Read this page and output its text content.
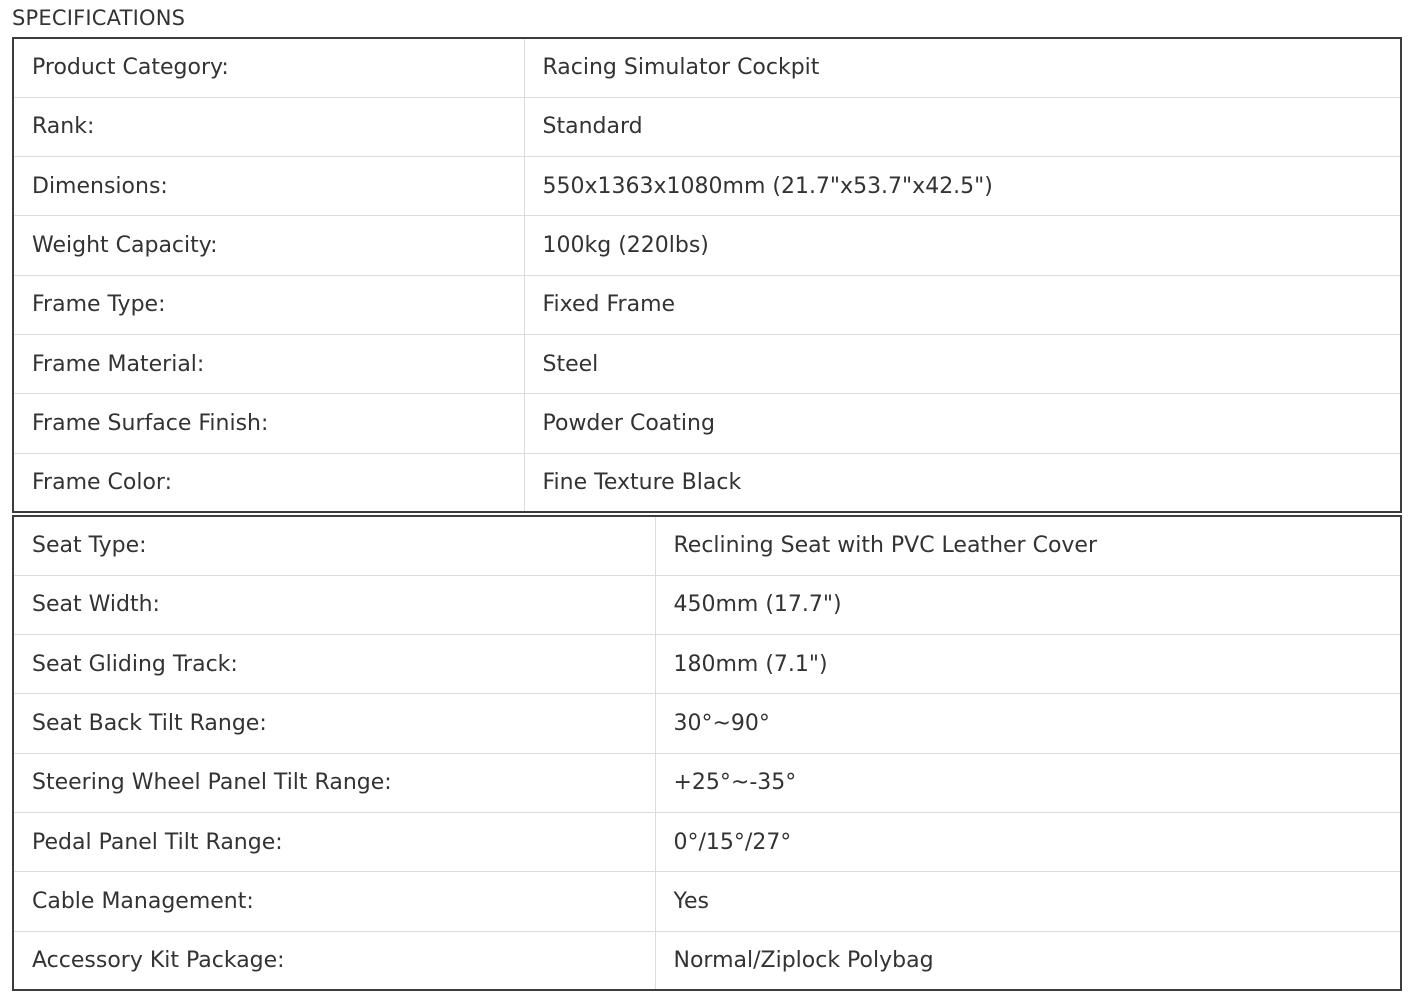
SPECIFICATIONS
Product Category:	Racing Simulator Cockpit
Rank:	Standard
Dimensions:	550x1363x1080mm (21.7"x53.7"x42.5")
Weight Capacity:	100kg (220lbs)
Frame Type:	Fixed Frame
Frame Material:	Steel
Frame Surface Finish:	Powder Coating
Frame Color:	Fine Texture Black
Seat Type:	Reclining Seat with PVC Leather Cover
Seat Width:	450mm (17.7")
Seat Gliding Track:	180mm (7.1")
Seat Back Tilt Range:	30°~90°
Steering Wheel Panel Tilt Range:	+25°~-35°
Pedal Panel Tilt Range:	0°/15°/27°
Cable Management:	Yes
Accessory Kit Package:	Normal/Ziplock Polybag
